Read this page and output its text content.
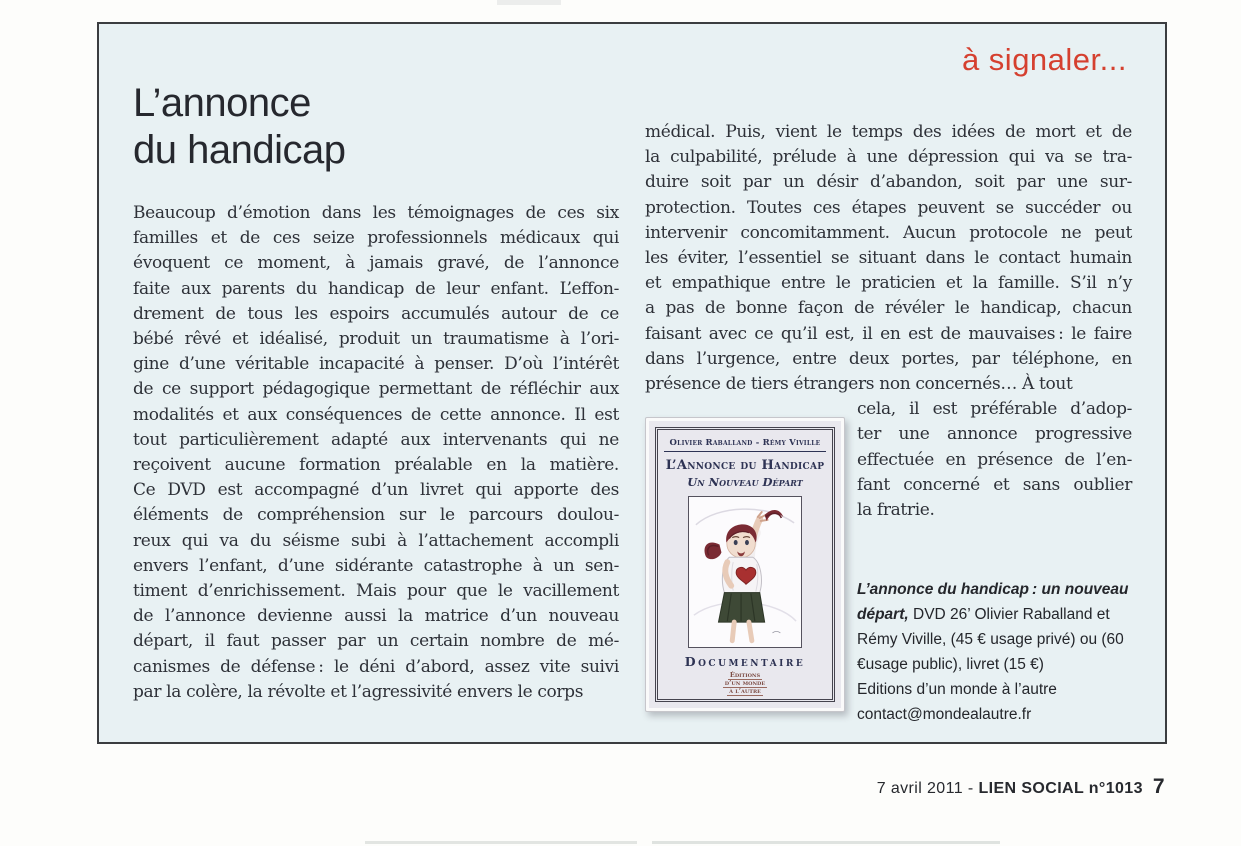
à signaler...
L’annonce
du handicap
Beaucoup d’émotion dans les témoignages de ces six
familles et de ces seize professionnels médicaux qui
évoquent ce moment, à jamais gravé, de l’annonce
faite aux parents du handicap de leur enfant. L’effon-
drement de tous les espoirs accumulés autour de ce
bébé rêvé et idéalisé, produit un traumatisme à l’ori-
gine d’une véritable incapacité à penser. D’où l’intérêt
de ce support pédagogique permettant de réfléchir aux
modalités et aux conséquences de cette annonce. Il est
tout particulièrement adapté aux intervenants qui ne
reçoivent aucune formation préalable en la matière.
Ce DVD est accompagné d’un livret qui apporte des
éléments de compréhension sur le parcours doulou-
reux qui va du séisme subi à l’attachement accompli
envers l’enfant, d’une sidérante catastrophe à un sen-
timent d’enrichissement. Mais pour que le vacillement
de l’annonce devienne aussi la matrice d’un nouveau
départ, il faut passer par un certain nombre de mé-
canismes de défense : le déni d’abord, assez vite suivi
par la colère, la révolte et l’agressivité envers le corps
médical. Puis, vient le temps des idées de mort et de
la culpabilité, prélude à une dépression qui va se tra-
duire soit par un désir d’abandon, soit par une sur-
protection. Toutes ces étapes peuvent se succéder ou
intervenir concomitamment. Aucun protocole ne peut
les éviter, l’essentiel se situant dans le contact humain
et empathique entre le praticien et la famille. S’il n’y
a pas de bonne façon de révéler le handicap, chacun
faisant avec ce qu’il est, il en est de mauvaises : le faire
dans l’urgence, entre deux portes, par téléphone, en
présence de tiers étrangers non concernés… À tout
Olivier Raballand - Rémy Viville
L’Annonce du Handicap
Un Nouveau Départ
Documentaire
Éditions
d’un monde
à l’autre
cela, il est préférable d’adop-
ter une annonce progressive
effectuée en présence de l’en-
fant concerné et sans oublier
la fratrie.
L’annonce du handicap : un nouveau départ, DVD 26’ Olivier Raballand et Rémy Viville, (45 € usage privé) ou (60 €usage public), livret (15 €)
Editions d’un monde à l’autre
contact@mondealautre.fr
7 avril 2011 - LIEN SOCIAL n°1013 7
